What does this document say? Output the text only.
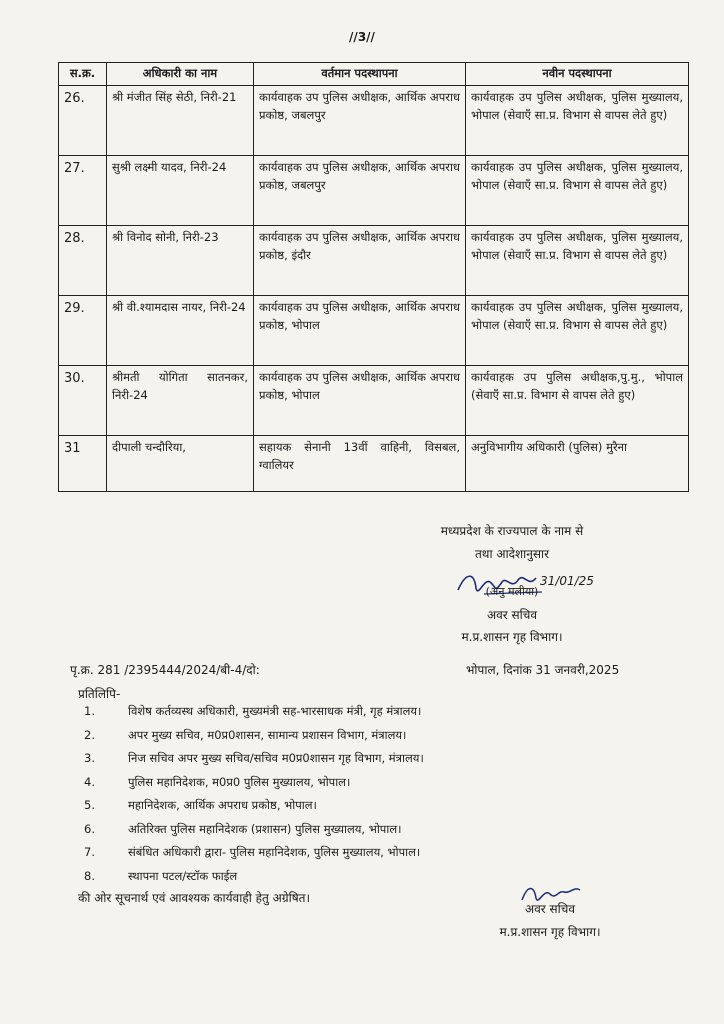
//3//
स.क्र.	अधिकारी का नाम	वर्तमान पदस्थापना	नवीन पदस्थापना
26.	श्री मंजीत सिंह सेठी, निरी-21	कार्यवाहक उप पुलिस अधीक्षक, आर्थिक अपराध प्रकोष्ठ, जबलपुर	कार्यवाहक उप पुलिस अधीक्षक, पुलिस मुख्यालय, भोपाल (सेवाएँ सा.प्र. विभाग से वापस लेते हुए)
27.	सुश्री लक्ष्मी यादव, निरी-24	कार्यवाहक उप पुलिस अधीक्षक, आर्थिक अपराध प्रकोष्ठ, जबलपुर	कार्यवाहक उप पुलिस अधीक्षक, पुलिस मुख्यालय, भोपाल (सेवाएँ सा.प्र. विभाग से वापस लेते हुए)
28.	श्री विनोद सोनी, निरी-23	कार्यवाहक उप पुलिस अधीक्षक, आर्थिक अपराध प्रकोष्ठ, इंदौर	कार्यवाहक उप पुलिस अधीक्षक, पुलिस मुख्यालय, भोपाल (सेवाएँ सा.प्र. विभाग से वापस लेते हुए)
29.	श्री वी.श्यामदास नायर, निरी-24	कार्यवाहक उप पुलिस अधीक्षक, आर्थिक अपराध प्रकोष्ठ, भोपाल	कार्यवाहक उप पुलिस अधीक्षक, पुलिस मुख्यालय, भोपाल (सेवाएँ सा.प्र. विभाग से वापस लेते हुए)
30.	श्रीमती योगिता सातनकर, निरी-24	कार्यवाहक उप पुलिस अधीक्षक, आर्थिक अपराध प्रकोष्ठ, भोपाल	कार्यवाहक उप पुलिस अधीक्षक,पु.मु., भोपाल (सेवाएँ सा.प्र. विभाग से वापस लेते हुए)
31	दीपाली चन्दौरिया,	सहायक सेनानी 13वीं वाहिनी, विसबल, ग्वालियर	अनुविभागीय अधिकारी (पुलिस) मुरैना
मध्यप्रदेश के राज्यपाल के नाम से
तथा आदेशानुसार
31/01/25
(अनु मलीया)
अवर सचिव
म.प्र.शासन गृह विभाग।
पृ.क्र. 281 /2395444/2024/बी-4/दो:	भोपाल, दिनांक 31 जनवरी,2025
प्रतिलिपि-
1.	विशेष कर्तव्यस्थ अधिकारी, मुख्यमंत्री सह-भारसाधक मंत्री, गृह मंत्रालय।
2.	अपर मुख्य सचिव, म0प्र0शासन, सामान्य प्रशासन विभाग, मंत्रालय।
3.	निज सचिव अपर मुख्य सचिव/सचिव म0प्र0शासन गृह विभाग, मंत्रालय।
4.	पुलिस महानिदेशक, म0प्र0 पुलिस मुख्यालय, भोपाल।
5.	महानिदेशक, आर्थिक अपराध प्रकोष्ठ, भोपाल।
6.	अतिरिक्त पुलिस महानिदेशक (प्रशासन) पुलिस मुख्यालय, भोपाल।
7.	संबंधित अधिकारी द्वारा- पुलिस महानिदेशक, पुलिस मुख्यालय, भोपाल।
8.	स्थापना पटल/स्टॉक फाईल
की ओर सूचनार्थ एवं आवश्यक कार्यवाही हेतु अग्रेषित।
अवर सचिव
म.प्र.शासन गृह विभाग।
